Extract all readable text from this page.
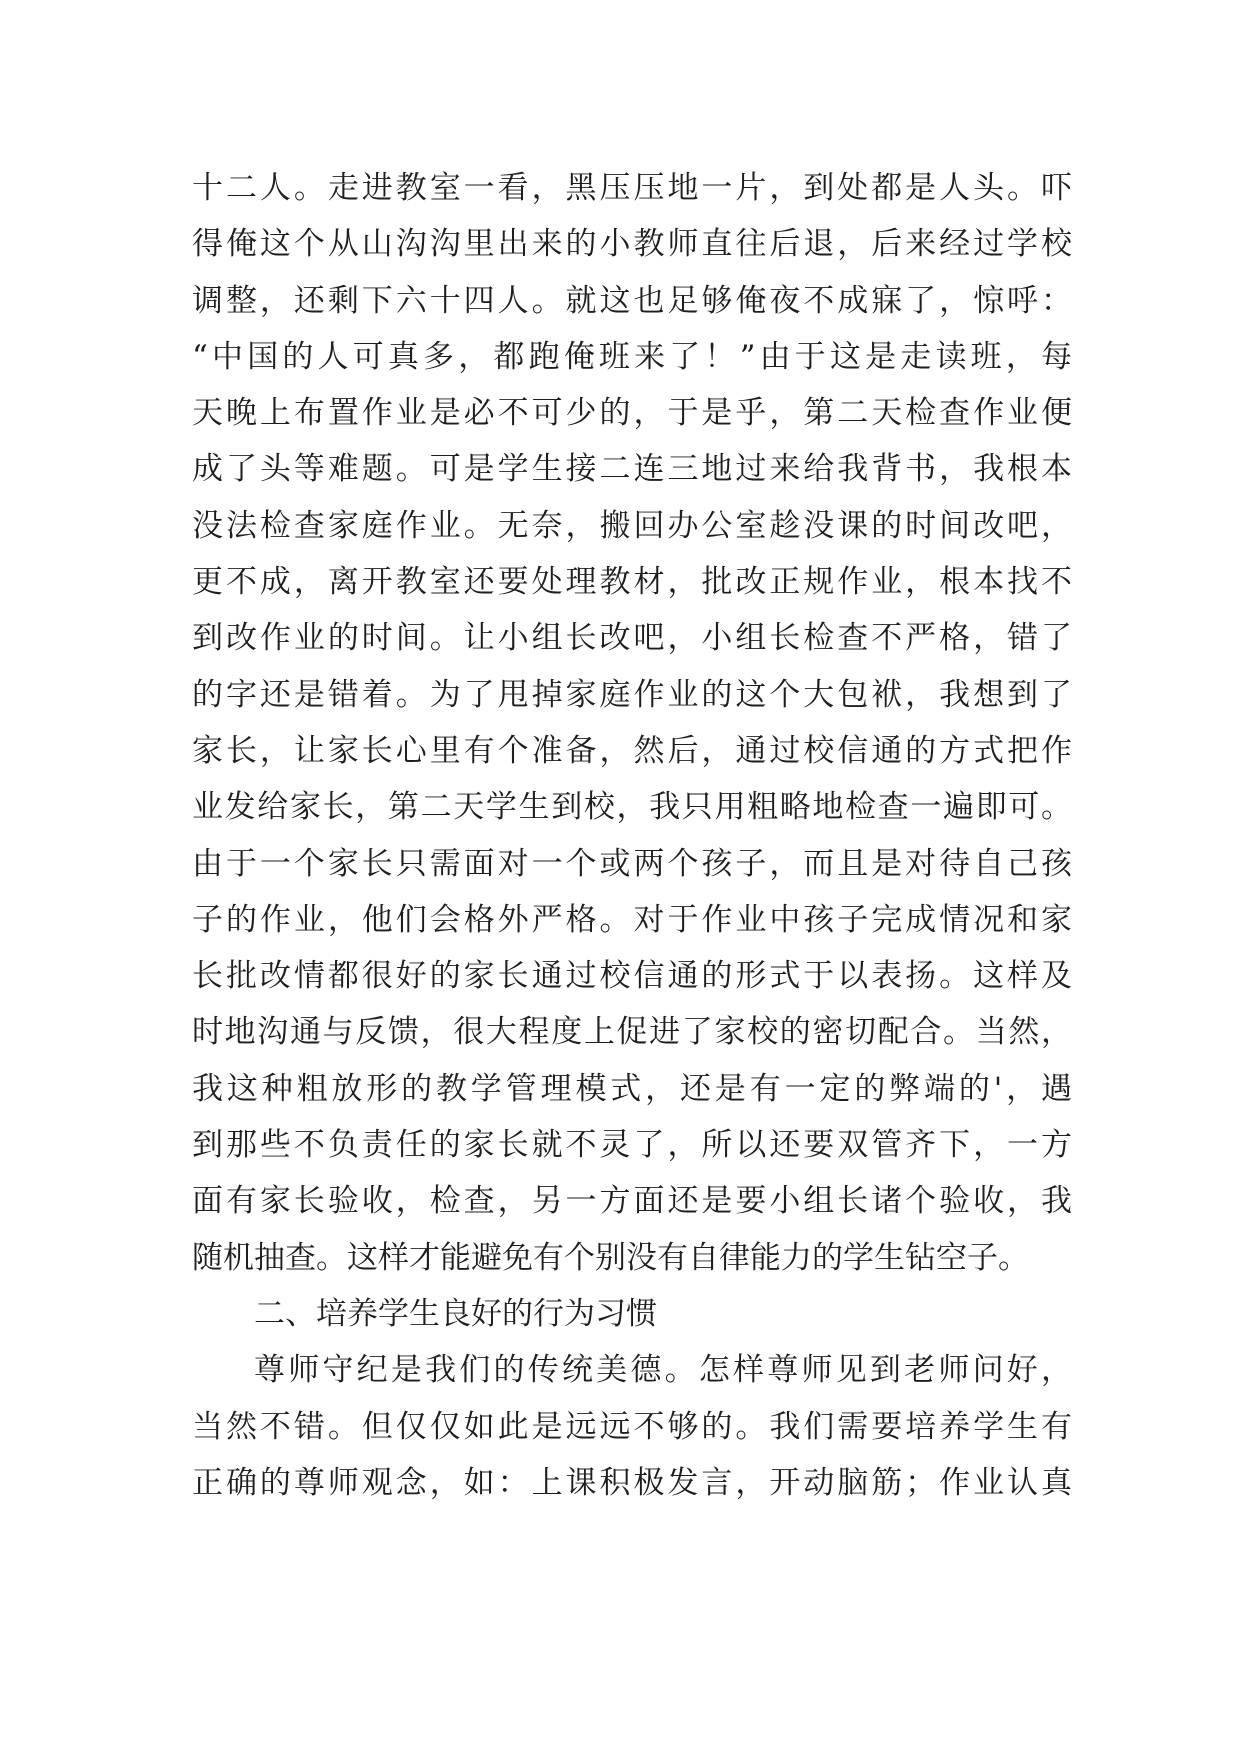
十二人。走进教室一看，黑压压地一片，到处都是人头。吓
得俺这个从山沟沟里出来的小教师直往后退，后来经过学校
调整，还剩下六十四人。就这也足够俺夜不成寐了，惊呼：
“中国的人可真多，都跑俺班来了！”由于这是走读班，每
天晚上布置作业是必不可少的，于是乎，第二天检查作业便
成了头等难题。可是学生接二连三地过来给我背书，我根本
没法检查家庭作业。无奈，搬回办公室趁没课的时间改吧，
更不成，离开教室还要处理教材，批改正规作业，根本找不
到改作业的时间。让小组长改吧，小组长检查不严格，错了
的字还是错着。为了甩掉家庭作业的这个大包袱，我想到了
家长，让家长心里有个准备，然后，通过校信通的方式把作
业发给家长，第二天学生到校，我只用粗略地检查一遍即可。
由于一个家长只需面对一个或两个孩子，而且是对待自己孩
子的作业，他们会格外严格。对于作业中孩子完成情况和家
长批改情都很好的家长通过校信通的形式于以表扬。这样及
时地沟通与反馈，很大程度上促进了家校的密切配合。当然，
我这种粗放形的教学管理模式，还是有一定的弊端的'，遇
到那些不负责任的家长就不灵了，所以还要双管齐下，一方
面有家长验收，检查，另一方面还是要小组长诸个验收，我
随机抽查。这样才能避免有个别没有自律能力的学生钻空子。
二、培养学生良好的行为习惯
尊师守纪是我们的传统美德。怎样尊师见到老师问好，
当然不错。但仅仅如此是远远不够的。我们需要培养学生有
正确的尊师观念，如：上课积极发言，开动脑筋；作业认真
